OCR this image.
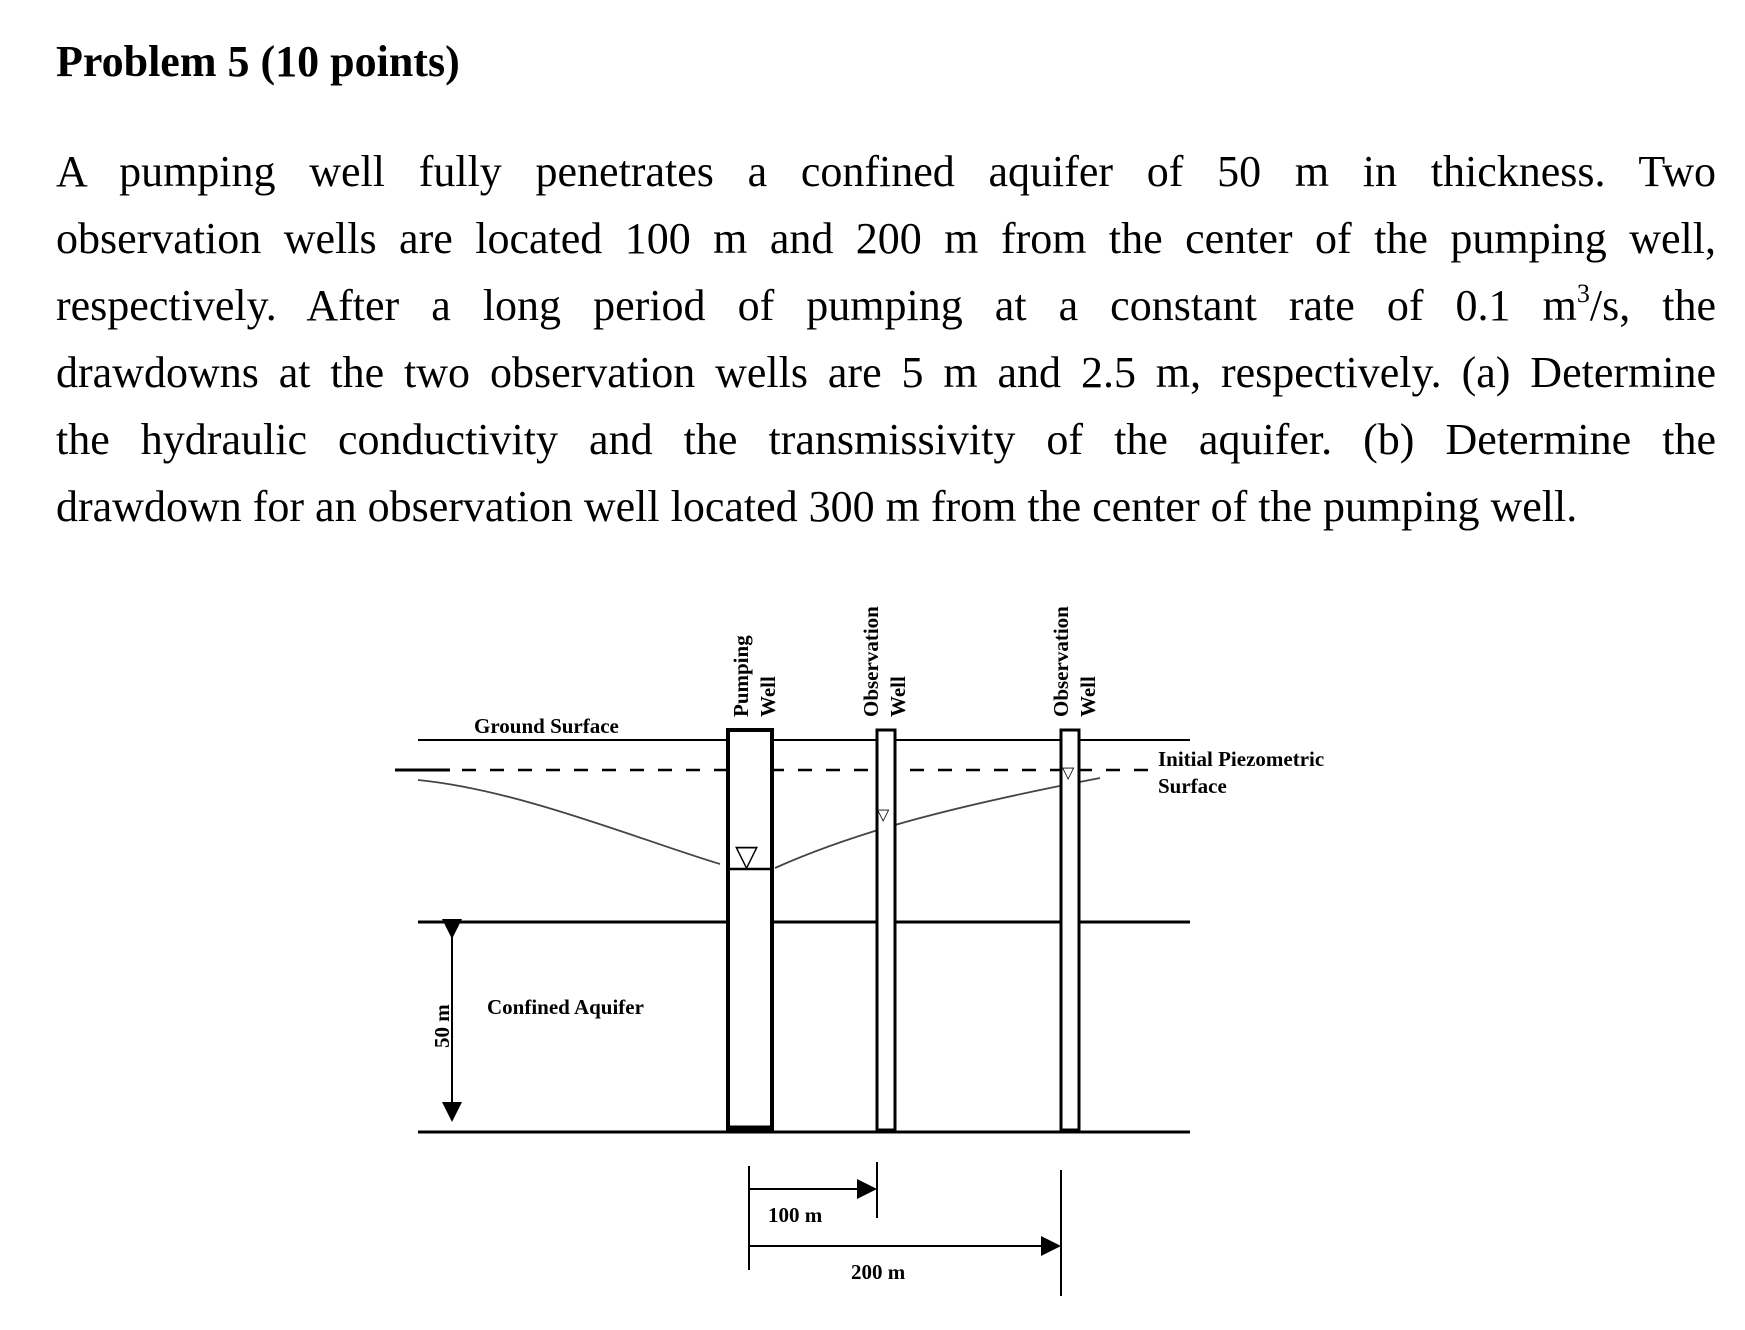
Problem 5 (10 points)
A pumping well fully penetrates a confined aquifer of 50 m in thickness. Two
observation wells are located 100 m and 200 m from the center of the pumping well,
respectively. After a long period of pumping at a constant rate of 0.1 $m^3/s$, the
drawdowns at the two observation wells are 5 m and 2.5 m, respectively. (a) Determine
the hydraulic conductivity and the transmissivity of the aquifer. (b) Determine the
drawdown for an observation well located 300 m from the center of the pumping well.
Ground Surface
Initial Piezometric
Surface
50 m Confined Aquifer
▽
Pumping Well
▽
Observation Well
▽
Observation Well
100 m
200 m
